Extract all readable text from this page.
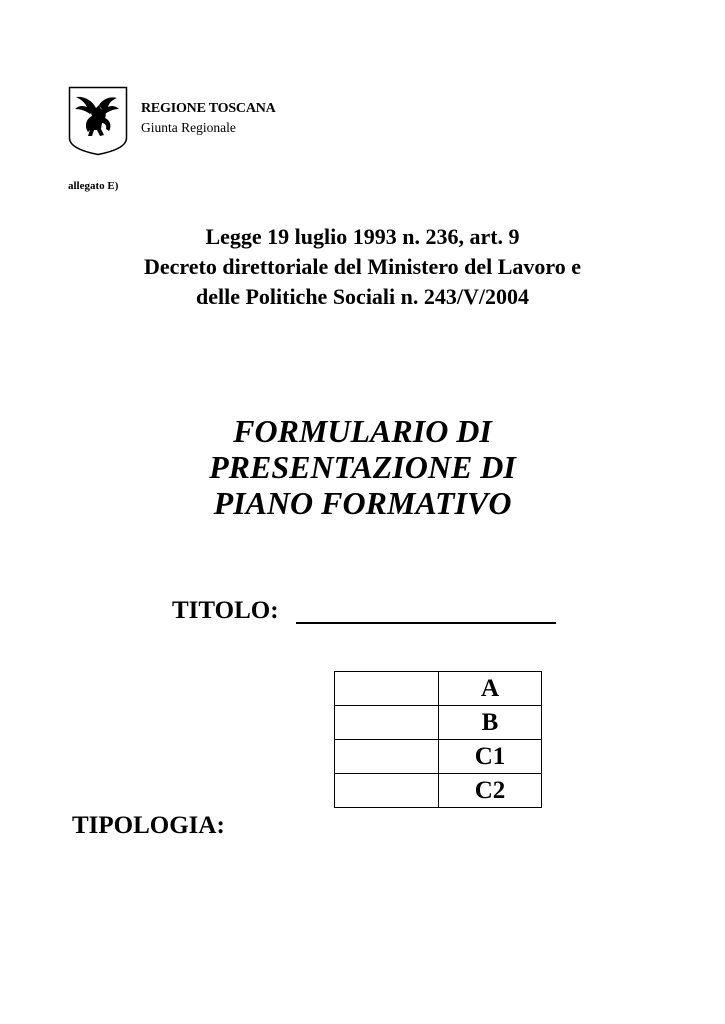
REGIONE TOSCANA
Giunta Regionale
allegato E)
Legge 19 luglio 1993 n. 236, art. 9
Decreto direttoriale del Ministero del Lavoro e
delle Politiche Sociali n. 243/V/2004
FORMULARIO DI
PRESENTAZIONE DI
PIANO FORMATIVO
TITOLO:
	A
	B
	C1
	C2
TIPOLOGIA:
